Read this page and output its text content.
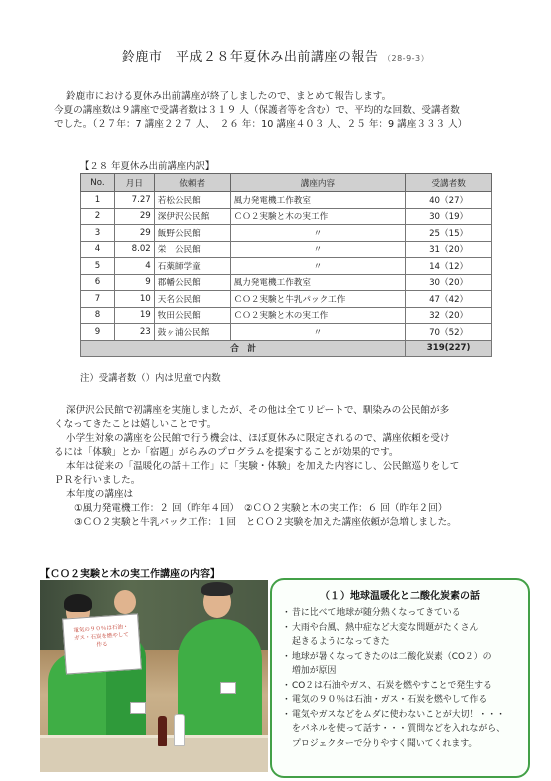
鈴鹿市　平成２８年夏休み出前講座の報告 （28-9-3）
鈴鹿市における夏休み出前講座が終了しましたので、まとめて報告します。
今夏の講座数は９講座で受講者数は３１９ 人（保護者等を含む）で、平均的な回数、受講者数
でした。（２７年：7 講座２２７ 人、　２６ 年：10 講座４０３ 人、２５ 年：9 講座３３３ 人）
【２８ 年夏休み出前講座内訳】
No.	月日	依頼者	講座内容	受講者数
1	7.27	若松公民館	風力発電機工作教室	40（27）
2	29	深伊沢公民館	ＣＯ２実験と木の実工作	30（19）
3	29	飯野公民館	〃	25（15）
4	8.02	栄　公民館	〃	31（20）
5	4	石薬師学童	〃	14（12）
6	9	郡幡公民館	風力発電機工作教室	30（20）
7	10	天名公民館	ＣＯ２実験と牛乳パック工作	47（42）
8	19	牧田公民館	ＣＯ２実験と木の実工作	32（20）
9	23	鼓ヶ浦公民館	〃	70（52）
合　計				319(227)
注）受講者数（）内は児童で内数

深伊沢公民館で初講座を実施しましたが、その他は全てリピートで、馴染みの公民館が多

くなってきたことは嬉しいことです。

小学生対象の講座を公民館で行う機会は、ほぼ夏休みに限定されるので、講座依頼を受け

るには「体験」とか「宿題」がらみのプログラムを提案することが効果的です。

本年は従来の「温暖化の話＋工作」に「実験・体験」を加えた内容にし、公民館巡りをして

ＰＲを行いました。

本年度の講座は

①風力発電機工作：２ 回（昨年４回）　②ＣＯ２実験と木の実工作：６ 回（昨年２回）

③ＣＯ２実験と牛乳パック工作：１回　とＣＯ２実験を加えた講座依頼が急増しました。

【ＣＯ２実験と木の実工作講座の内容】
電気の９０％は石油・
ガス・石炭を燃やして
作る
（１）地球温暖化と二酸化炭素の話
・昔に比べて地球が随分熱くなってきている
・大雨や台風、熱中症など大変な問題がたくさん
起きるようになってきた
・地球が暑くなってきたのは二酸化炭素（CO２）の
増加が原因
・CO２は石油やガス、石炭を燃やすことで発生する
・電気の９０％は石油・ガス・石炭を燃やして作る
・電気やガスなどをムダに使わないことが大切！・・・
をパネルを使って話す・・・質問などを入れながら、
プロジェクターで分りやすく聞いてくれます。
